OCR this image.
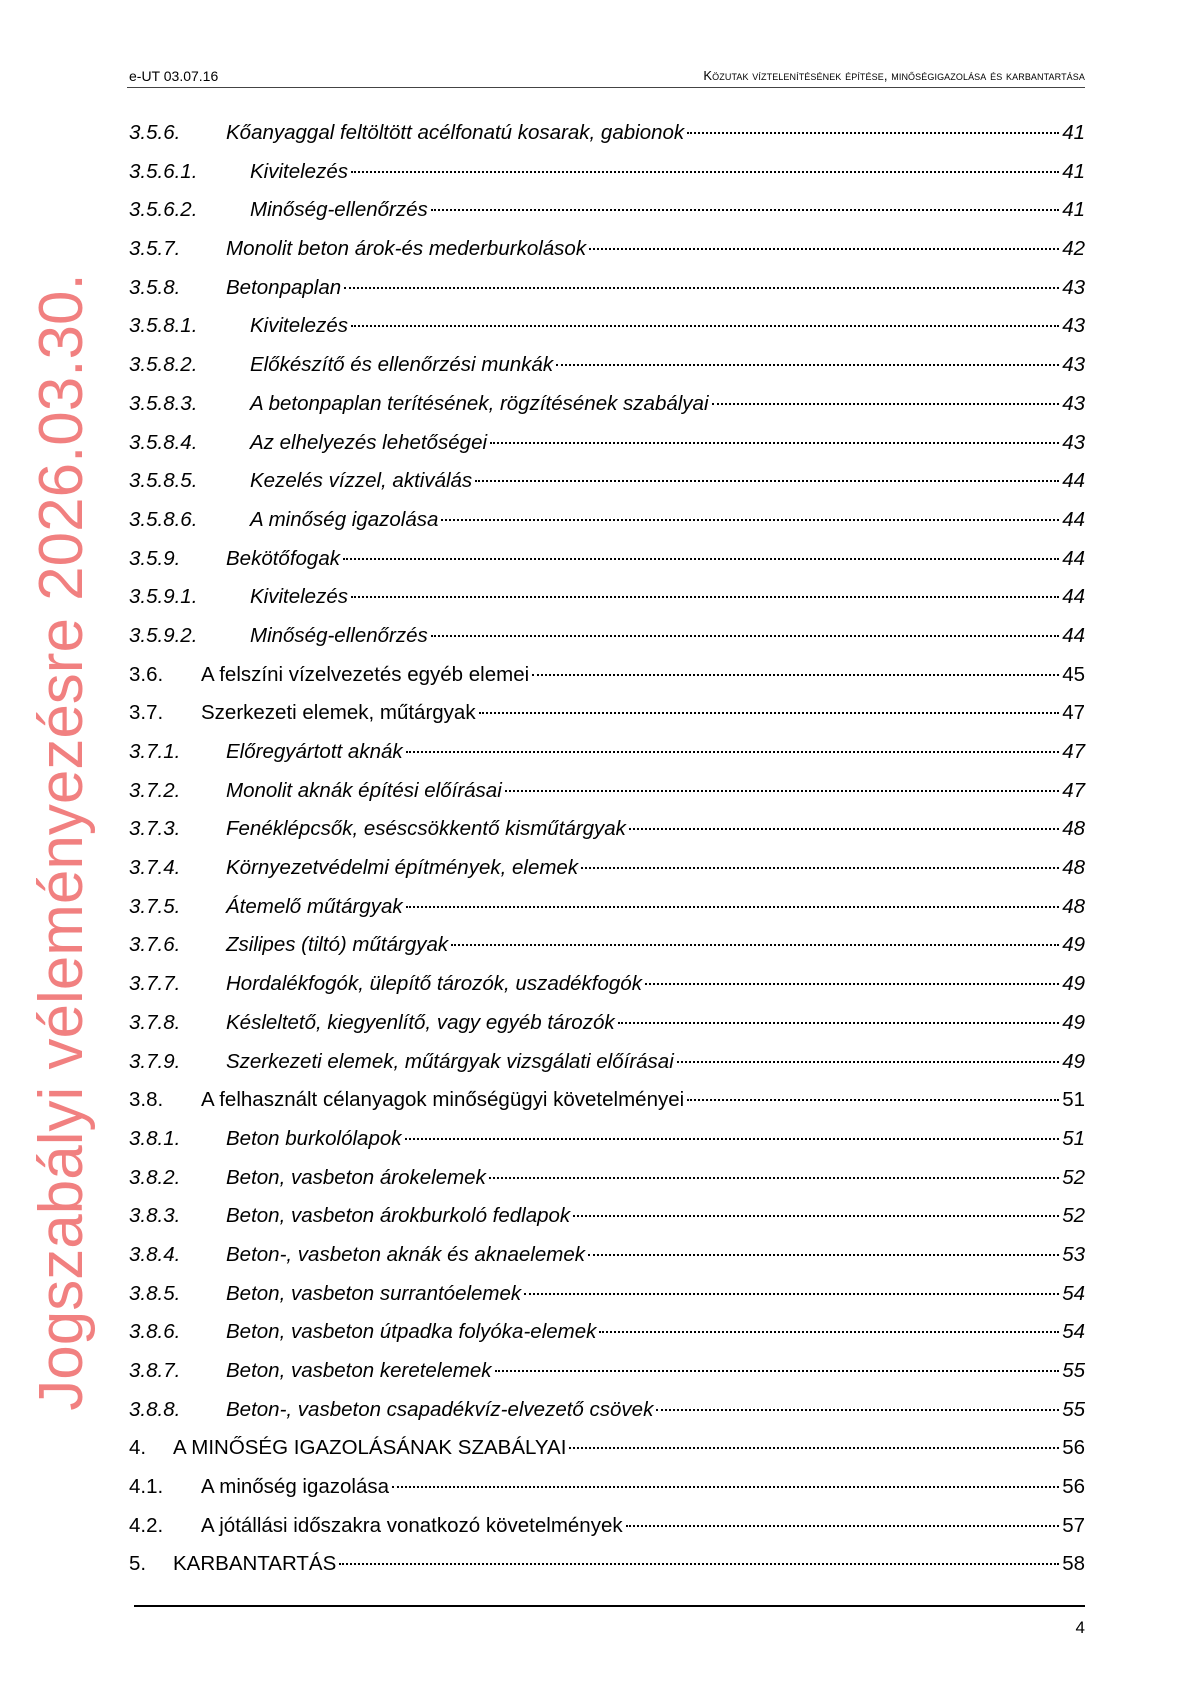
e-UT 03.07.16	Közutak víztelenítésének építése, minőségigazolása és karbantartása
3.5.6.	Kőanyaggal feltöltött acélfonatú kosarak, gabionok	41
3.5.6.1.	Kivitelezés	41
3.5.6.2.	Minőség-ellenőrzés	41
3.5.7.	Monolit beton árok-és mederburkolások	42
3.5.8.	Betonpaplan	43
3.5.8.1.	Kivitelezés	43
3.5.8.2.	Előkészítő és ellenőrzési munkák	43
3.5.8.3.	A betonpaplan terítésének, rögzítésének szabályai	43
3.5.8.4.	Az elhelyezés lehetőségei	43
3.5.8.5.	Kezelés vízzel, aktiválás	44
3.5.8.6.	A minőség igazolása	44
3.5.9.	Bekötőfogak	44
3.5.9.1.	Kivitelezés	44
3.5.9.2.	Minőség-ellenőrzés	44
3.6.	A felszíni vízelvezetés egyéb elemei	45
3.7.	Szerkezeti elemek, műtárgyak	47
3.7.1.	Előregyártott aknák	47
3.7.2.	Monolit aknák építési előírásai	47
3.7.3.	Fenéklépcsők, eséscsökkentő kisműtárgyak	48
3.7.4.	Környezetvédelmi építmények, elemek	48
3.7.5.	Átemelő műtárgyak	48
3.7.6.	Zsilipes (tiltó) műtárgyak	49
3.7.7.	Hordalékfogók, ülepítő tározók, uszadékfogók	49
3.7.8.	Késleltető, kiegyenlítő, vagy egyéb tározók	49
3.7.9.	Szerkezeti elemek, műtárgyak vizsgálati előírásai	49
3.8.	A felhasznált célanyagok minőségügyi követelményei	51
3.8.1.	Beton burkolólapok	51
3.8.2.	Beton, vasbeton árokelemek	52
3.8.3.	Beton, vasbeton árokburkoló fedlapok	52
3.8.4.	Beton-, vasbeton aknák és aknaelemek	53
3.8.5.	Beton, vasbeton surrantóelemek	54
3.8.6.	Beton, vasbeton útpadka folyóka-elemek	54
3.8.7.	Beton, vasbeton keretelemek	55
3.8.8.	Beton-, vasbeton csapadékvíz-elvezető csövek	55
4.	A MINŐSÉG IGAZOLÁSÁNAK SZABÁLYAI	56
4.1.	A minőség igazolása	56
4.2.	A jótállási időszakra vonatkozó követelmények	57
5.	KARBANTARTÁS	58
4
Jogszabályi véleményezésre 2026.03.30.
